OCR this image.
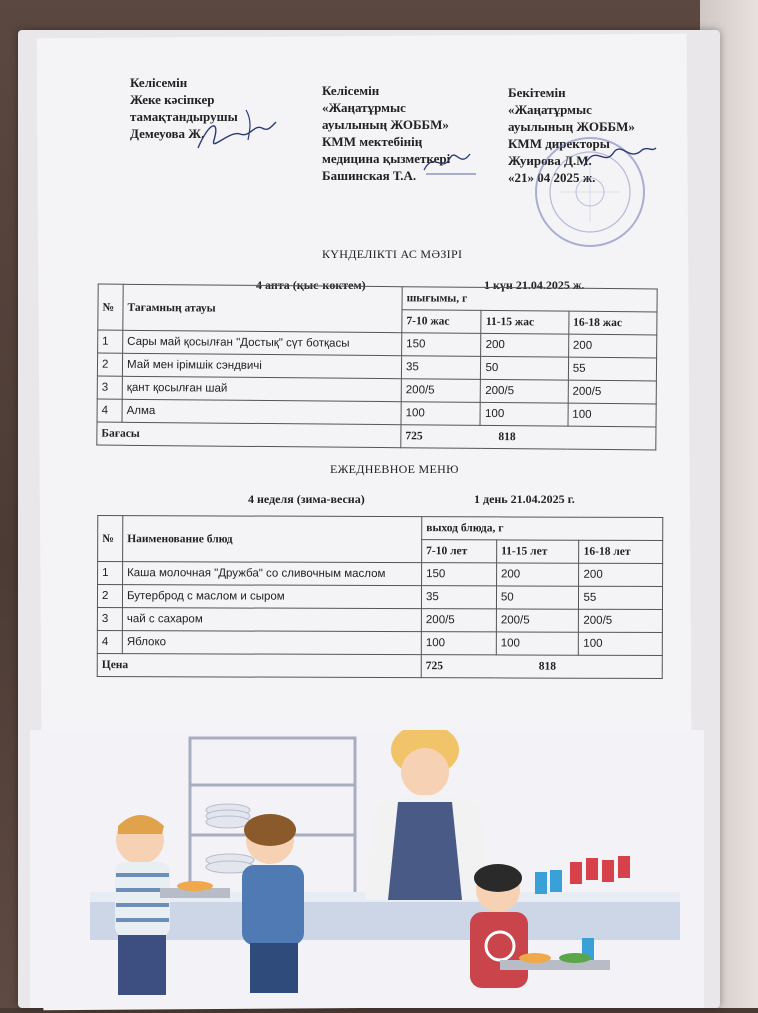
Келісемін
Жеке кәсіпкер
тамақтандырушы
Демеуова Ж.
Келісемін
«Жаңатұрмыс
ауылының ЖОББМ»
КММ мектебінің
медицина қызметкері
Башинская Т.А.
Бекітемін
«Жаңатұрмыс
ауылының ЖОББМ»
КММ директоры
Жуирова Д.М.
«21» 04 2025 ж.
КҮНДЕЛІКТІ АС МӘЗІРІ
4 апта (қыс-көктем)	1 күн 21.04.2025 ж.
№	Тағамның атауы	шығымы, г		
		7-10 жас	11-15 жас	16-18 жас
1	Сары май қосылған "Достық" сүт ботқасы	150	200	200
2	Май мен ірімшік сэндвичі	35	50	55
3	қант қосылған шай	200/5	200/5	200/5
4	Алма	100	100	100
Бағасы		725 818		
ЕЖЕДНЕВНОЕ МЕНЮ
4 неделя (зима-весна)	1 день 21.04.2025 г.
№	Наименование блюд	выход блюда, г		
		7-10 лет	11-15 лет	16-18 лет
1	Каша молочная "Дружба" со сливочным маслом	150	200	200
2	Бутерброд с маслом и сыром	35	50	55
3	чай с сахаром	200/5	200/5	200/5
4	Яблоко	100	100	100
Цена		725 818		
